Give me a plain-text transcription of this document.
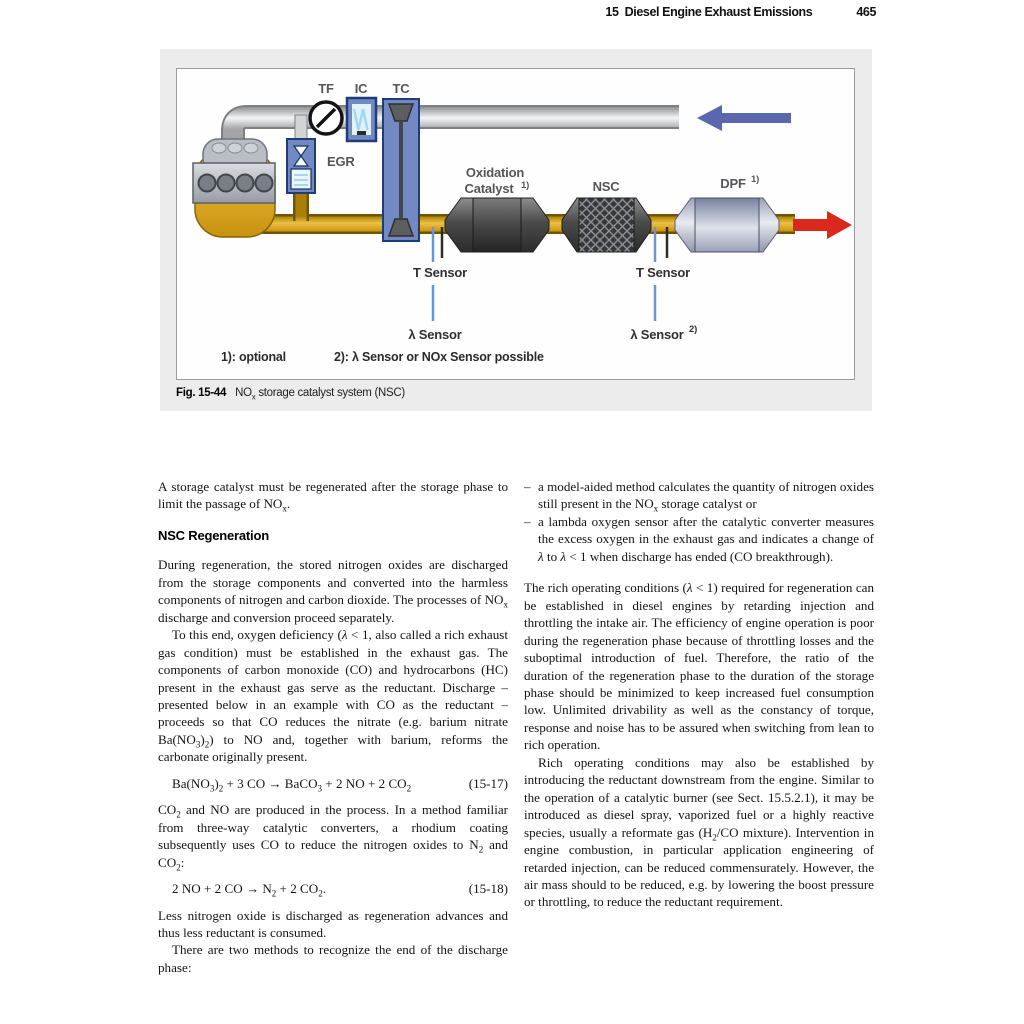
15  Diesel Engine Exhaust Emissions	465
TF IC TC
EGR
Oxidation
Catalyst 1)	NSC	DPF 1)
T Sensor	T Sensor
λ Sensor	λ Sensor 2)
1): optional	2): λ Sensor or NOx Sensor possible
Fig. 15-44 $NO_x$ storage catalyst system (NSC)

A storage catalyst must be regenerated after the storage phase to limit the passage of $NO_x$.

NSC Regeneration

During regeneration, the stored nitrogen oxides are discharged from the storage components and converted into the harmless components of nitrogen and carbon dioxide. The processes of $NO_x$ discharge and conversion proceed separately.

To this end, oxygen deficiency (λ < 1, also called a rich exhaust gas condition) must be established in the exhaust gas. The components of carbon monoxide (CO) and hydrocarbons (HC) present in the exhaust gas serve as the reductant. Discharge – presented below in an example with CO as the reductant – proceeds so that CO reduces the nitrate (e.g. barium nitrate $Ba(NO_3)_2$) to NO and, together with barium, reforms the carbonate originally present.

$Ba(NO_3)_2 + 3$ CO → BaCO$_3$ + 2 NO + 2 $CO_2$	(15-17)

$CO_2$ and NO are produced in the process. In a method familiar from three-way catalytic converters, a rhodium coating subsequently uses CO to reduce the nitrogen oxides to $N_2$ and $CO_2$:

2 NO + 2 CO → $N_2 + 2$ $CO_2$.	(15-18)

Less nitrogen oxide is discharged as regeneration advances and thus less reductant is consumed.

There are two methods to recognize the end of the discharge phase:

– a model-aided method calculates the quantity of nitrogen oxides still present in the $NO_x$ storage catalyst or
– a lambda oxygen sensor after the catalytic converter measures the excess oxygen in the exhaust gas and indicates a change of λ to λ < 1 when discharge has ended (CO breakthrough).

The rich operating conditions (λ < 1) required for regeneration can be established in diesel engines by retarding injection and throttling the intake air. The efficiency of engine operation is poor during the regeneration phase because of throttling losses and the suboptimal introduction of fuel. Therefore, the ratio of the duration of the regeneration phase to the duration of the storage phase should be minimized to keep increased fuel consumption low. Unlimited drivability as well as the constancy of torque, response and noise has to be assured when switching from lean to rich operation.

Rich operating conditions may also be established by introducing the reductant downstream from the engine. Similar to the operation of a catalytic burner (see Sect. 15.5.2.1), it may be introduced as diesel spray, vaporized fuel or a highly reactive species, usually a reformate gas ($H_2/CO$ mixture). Intervention in engine combustion, in particular application engineering of retarded injection, can be reduced commensurately. However, the air mass should to be reduced, e.g. by lowering the boost pressure or throttling, to reduce the reductant requirement.
